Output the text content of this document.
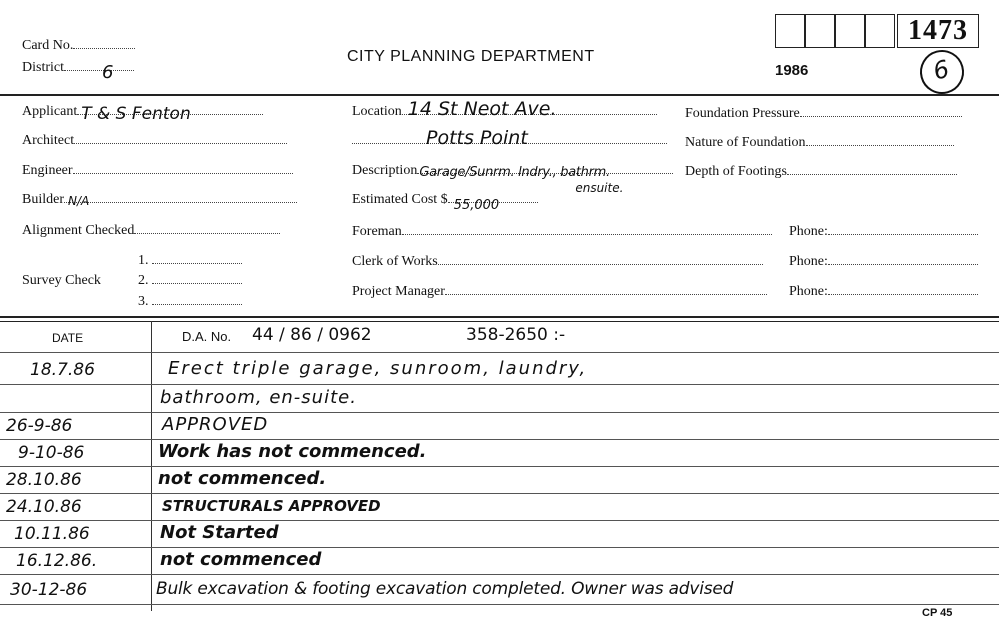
Card No.
District 6
CITY PLANNING DEPARTMENT
1986
1473
6
Applicant T & S Fenton
Architect
Engineer
Builder N/A
Alignment Checked
Survey Check
1.
2.
3.
Location 14 St Neot Ave.
Potts Point
Description Garage/Sunrm. lndry., bathrm.
ensuite.
Estimated Cost $ 55,000
Foreman
Clerk of Works
Project Manager
Foundation Pressure
Nature of Foundation
Depth of Footings
Phone:
Phone:
Phone:
DATE	D.A. No. 44 / 86 / 0962	358-2650 :-
18.7.86	Erect triple garage, sunroom, laundry,
bathroom, en-suite.
26-9-86	APPROVED
9-10-86	Work has not commenced.
28.10.86	not commenced.
24.10.86	STRUCTURALS APPROVED
10.11.86	Not Started
16.12.86.	not commenced
30-12-86	Bulk excavation & footing excavation completed. Owner was advised
CP 45
